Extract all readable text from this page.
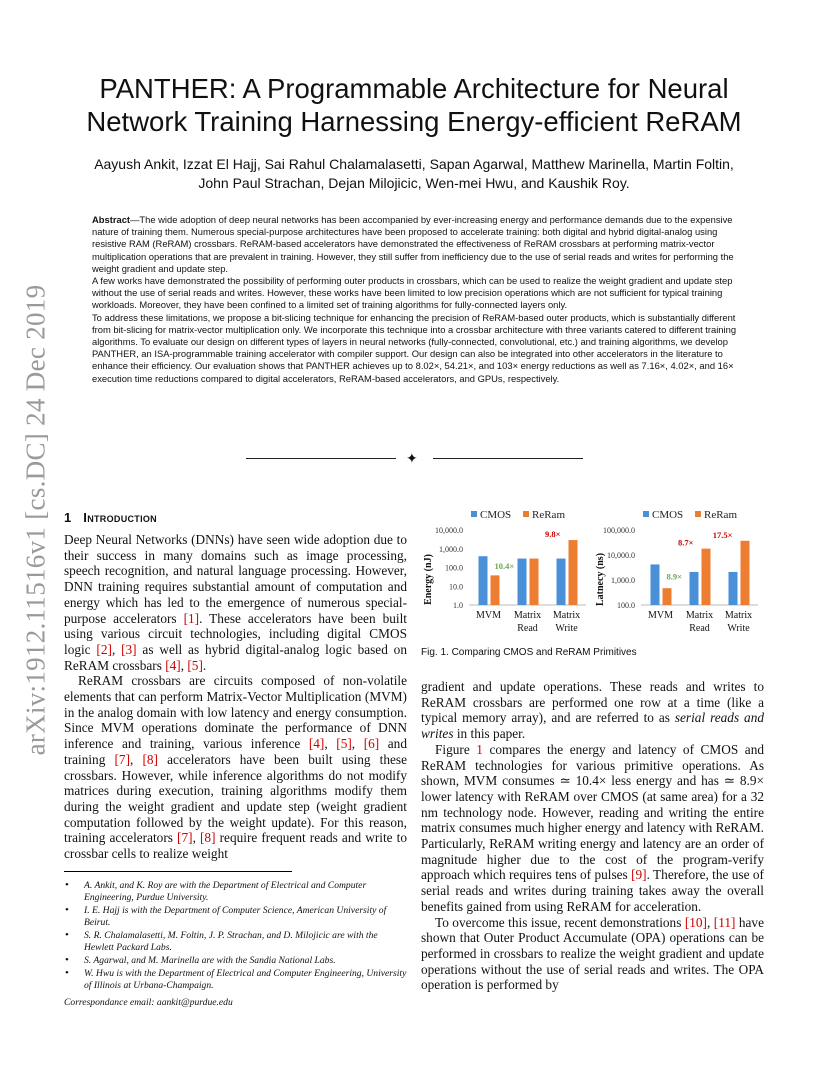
arXiv:1912.11516v1 [cs.DC] 24 Dec 2019
PANTHER: A Programmable Architecture for Neural Network Training Harnessing Energy-efficient ReRAM
Aayush Ankit, Izzat El Hajj, Sai Rahul Chalamalasetti, Sapan Agarwal, Matthew Marinella, Martin Foltin,
John Paul Strachan, Dejan Milojicic, Wen-mei Hwu, and Kaushik Roy.

Abstract—The wide adoption of deep neural networks has been accompanied by ever-increasing energy and performance demands due to the expensive nature of training them. Numerous special-purpose architectures have been proposed to accelerate training: both digital and hybrid digital-analog using resistive RAM (ReRAM) crossbars. ReRAM-based accelerators have demonstrated the effectiveness of ReRAM crossbars at performing matrix-vector multiplication operations that are prevalent in training. However, they still suffer from inefficiency due to the use of serial reads and writes for performing the weight gradient and update step.

A few works have demonstrated the possibility of performing outer products in crossbars, which can be used to realize the weight gradient and update step without the use of serial reads and writes. However, these works have been limited to low precision operations which are not sufficient for typical training workloads. Moreover, they have been confined to a limited set of training algorithms for fully-connected layers only.

To address these limitations, we propose a bit-slicing technique for enhancing the precision of ReRAM-based outer products, which is substantially different from bit-slicing for matrix-vector multiplication only. We incorporate this technique into a crossbar architecture with three variants catered to different training algorithms. To evaluate our design on different types of layers in neural networks (fully-connected, convolutional, etc.) and training algorithms, we develop PANTHER, an ISA-programmable training accelerator with compiler support. Our design can also be integrated into other accelerators in the literature to enhance their efficiency. Our evaluation shows that PANTHER achieves up to 8.02×, 54.21×, and 103× energy reductions as well as 7.16×, 4.02×, and 16× execution time reductions compared to digital accelerators, ReRAM-based accelerators, and GPUs, respectively.

✦
1 Introduction

Deep Neural Networks (DNNs) have seen wide adoption due to their success in many domains such as image processing, speech recognition, and natural language processing. However, DNN training requires substantial amount of computation and energy which has led to the emergence of numerous special-purpose accelerators [1]. These accelerators have been built using various circuit technologies, including digital CMOS logic [2], [3] as well as hybrid digital-analog logic based on ReRAM crossbars [4], [5].

ReRAM crossbars are circuits composed of non-volatile elements that can perform Matrix-Vector Multiplication (MVM) in the analog domain with low latency and energy consumption. Since MVM operations dominate the performance of DNN inference and training, various inference [4], [5], [6] and training [7], [8] accelerators have been built using these crossbars. However, while inference algorithms do not modify matrices during execution, training algorithms modify them during the weight gradient and update step (weight gradient computation followed by the weight update). For this reason, training accelerators [7], [8] require frequent reads and write to crossbar cells to realize weight

• A. Ankit, and K. Roy are with the Department of Electrical and Computer Engineering, Purdue University.
• I. E. Hajj is with the Department of Computer Science, American University of Beirut.
• S. R. Chalamalasetti, M. Foltin, J. P. Strachan, and D. Milojicic are with the Hewlett Packard Labs.
• S. Agarwal, and M. Marinella are with the Sandia National Labs.
• W. Hwu is with the Department of Electrical and Computer Engineering, University of Illinois at Urbana-Champaign.
Correspondance email: aankit@purdue.edu
CMOS ReRam
1.0
10.0
100.0
1,000.0
10,000.0
Energy (nJ)
MVM
10.4×
Matrix
Read
Matrix
Write
9.8×
CMOS ReRam
100.0
1,000.0
10,000.0
100,000.0
Latnecy (ns)
MVM
8.9×
Matrix
Read
8.7×
Matrix
Write
17.5×
Fig. 1. Comparing CMOS and ReRAM Primitives

gradient and update operations. These reads and writes to ReRAM crossbars are performed one row at a time (like a typical memory array), and are referred to as serial reads and writes in this paper.

Figure 1 compares the energy and latency of CMOS and ReRAM technologies for various primitive operations. As shown, MVM consumes ≃ 10.4× less energy and has ≃ 8.9× lower latency with ReRAM over CMOS (at same area) for a 32 nm technology node. However, reading and writing the entire matrix consumes much higher energy and latency with ReRAM. Particularly, ReRAM writing energy and latency are an order of magnitude higher due to the cost of the program-verify approach which requires tens of pulses [9]. Therefore, the use of serial reads and writes during training takes away the overall benefits gained from using ReRAM for acceleration.

To overcome this issue, recent demonstrations [10], [11] have shown that Outer Product Accumulate (OPA) operations can be performed in crossbars to realize the weight gradient and update operations without the use of serial reads and writes. The OPA operation is performed by
